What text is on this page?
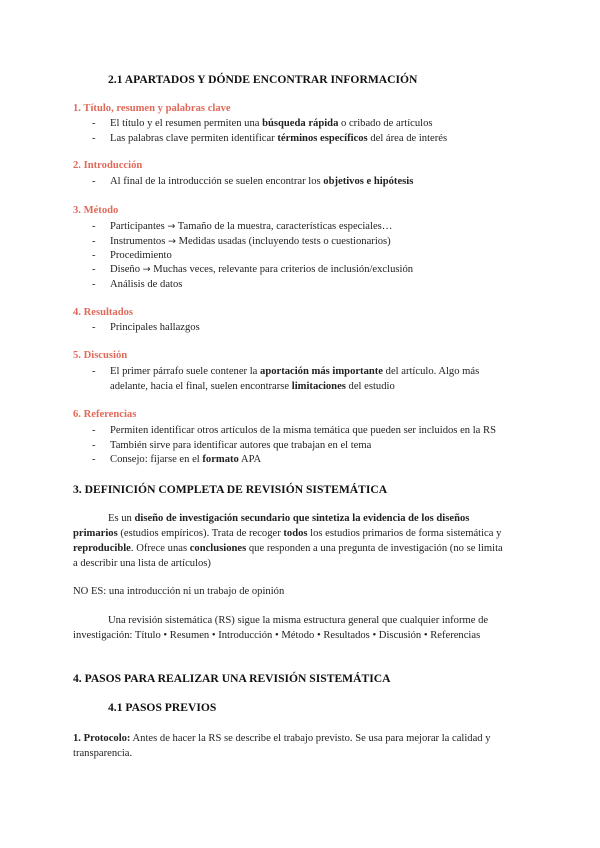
2.1 APARTADOS Y DÓNDE ENCONTRAR INFORMACIÓN
1. Título, resumen y palabras clave
- El título y el resumen permiten una búsqueda rápida o cribado de artículos
- Las palabras clave permiten identificar términos específicos del área de interés
2. Introducción
- Al final de la introducción se suelen encontrar los objetivos e hipótesis
3. Método
- Participantes → Tamaño de la muestra, características especiales…
- Instrumentos → Medidas usadas (incluyendo tests o cuestionarios)
- Procedimiento
- Diseño → Muchas veces, relevante para criterios de inclusión/exclusión
- Análisis de datos
4. Resultados
- Principales hallazgos
5. Discusión
- El primer párrafo suele contener la aportación más importante del artículo. Algo más
adelante, hacia el final, suelen encontrarse limitaciones del estudio
6. Referencias
- Permiten identificar otros artículos de la misma temática que pueden ser incluidos en la RS
- También sirve para identificar autores que trabajan en el tema
- Consejo: fijarse en el formato APA
3. DEFINICIÓN COMPLETA DE REVISIÓN SISTEMÁTICA
Es un diseño de investigación secundario que sintetiza la evidencia de los diseños
primarios (estudios empíricos). Trata de recoger todos los estudios primarios de forma sistemática y
reproducible. Ofrece unas conclusiones que responden a una pregunta de investigación (no se limita
a describir una lista de artículos)
NO ES: una introducción ni un trabajo de opinión
Una revisión sistemática (RS) sigue la misma estructura general que cualquier informe de
investigación: Título • Resumen • Introducción • Método • Resultados • Discusión • Referencias
4. PASOS PARA REALIZAR UNA REVISIÓN SISTEMÁTICA
4.1 PASOS PREVIOS
1. Protocolo: Antes de hacer la RS se describe el trabajo previsto. Se usa para mejorar la calidad y
transparencia.
